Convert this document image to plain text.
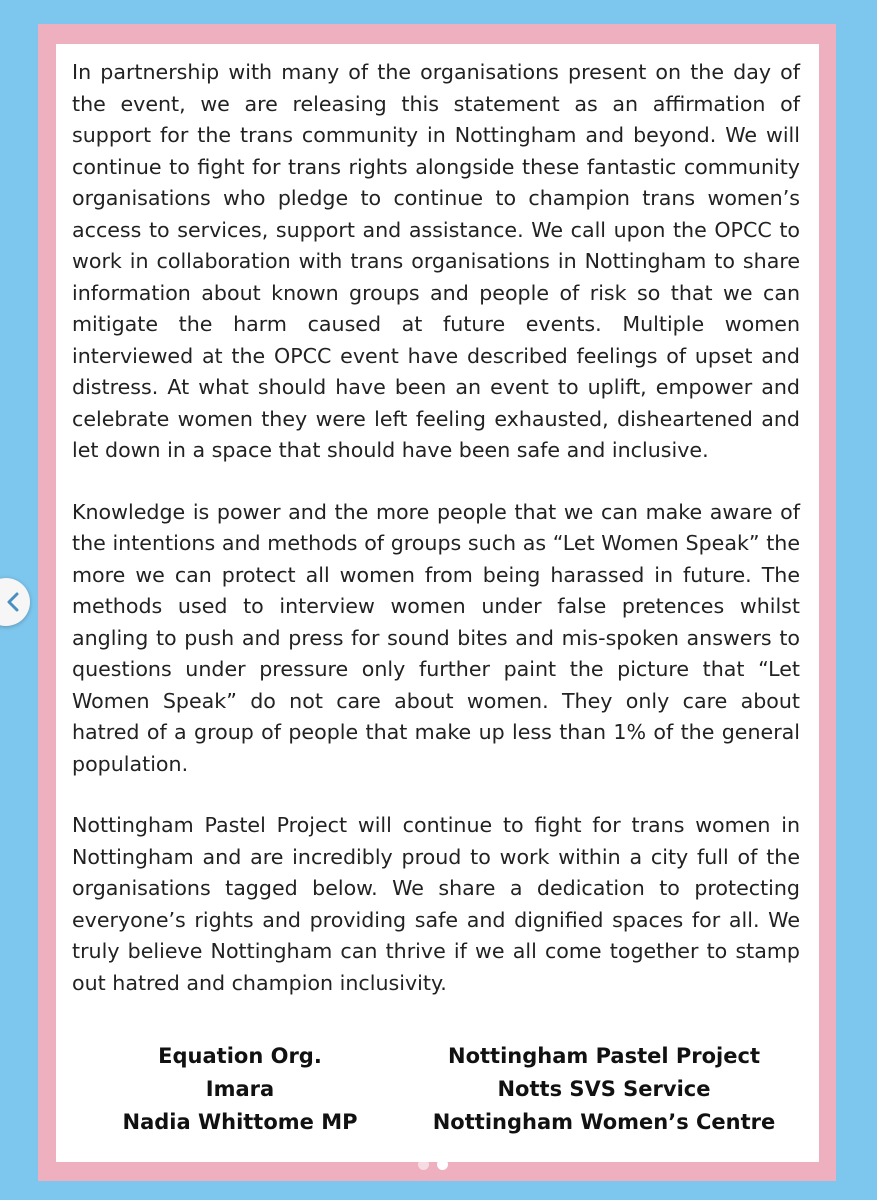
In partnership with many of the organisations present on the day of the event, we are releasing this statement as an affirmation of support for the trans community in Nottingham and beyond. We will continue to fight for trans rights alongside these fantastic community organisations who pledge to continue to champion trans women’s access to services, support and assistance. We call upon the OPCC to work in collaboration with trans organisations in Nottingham to share information about known groups and people of risk so that we can mitigate the harm caused at future events. Multiple women interviewed at the OPCC event have described feelings of upset and distress. At what should have been an event to uplift, empower and celebrate women they were left feeling exhausted, disheartened and let down in a space that should have been safe and inclusive.

Knowledge is power and the more people that we can make aware of the intentions and methods of groups such as “Let Women Speak” the more we can protect all women from being harassed in future. The methods used to interview women under false pretences whilst angling to push and press for sound bites and mis-spoken answers to questions under pressure only further paint the picture that “Let Women Speak” do not care about women. They only care about hatred of a group of people that make up less than 1% of the general population.

Nottingham Pastel Project will continue to fight for trans women in Nottingham and are incredibly proud to work within a city full of the organisations tagged below. We share a dedication to protecting everyone’s rights and providing safe and dignified spaces for all. We truly believe Nottingham can thrive if we all come together to stamp out hatred and champion inclusivity.

Equation Org.
Imara
Nadia Whittome MP
Nottingham Pastel Project
Notts SVS Service
Nottingham Women’s Centre
